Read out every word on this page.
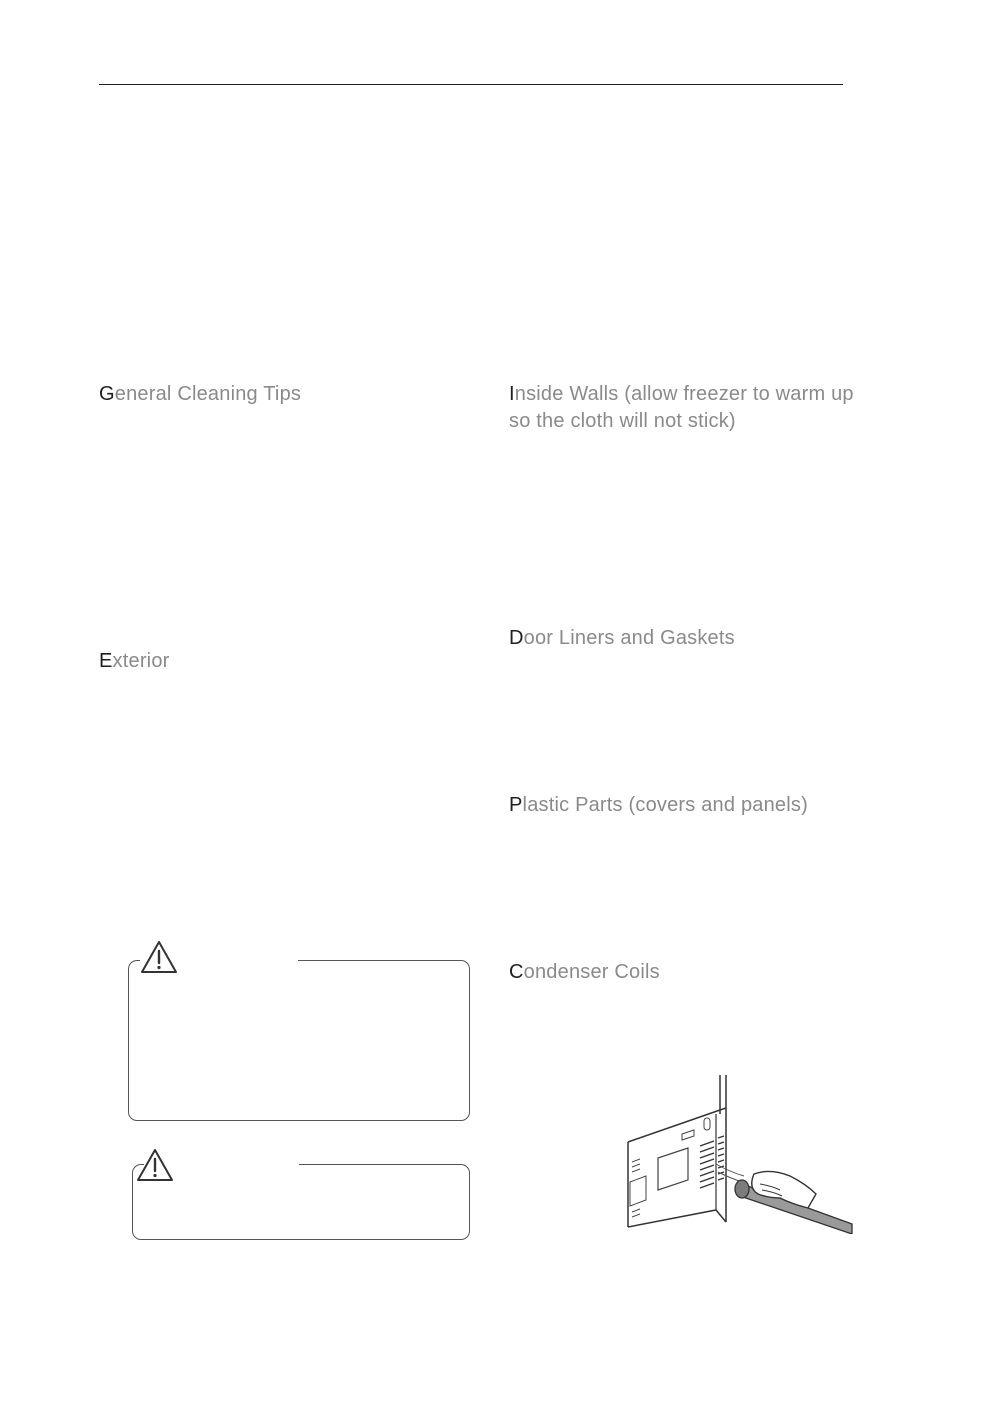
General Cleaning Tips
Exterior
Inside Walls (allow freezer to warm up so the cloth will not stick)
Door Liners and Gaskets
Plastic Parts (covers and panels)
Condenser Coils
